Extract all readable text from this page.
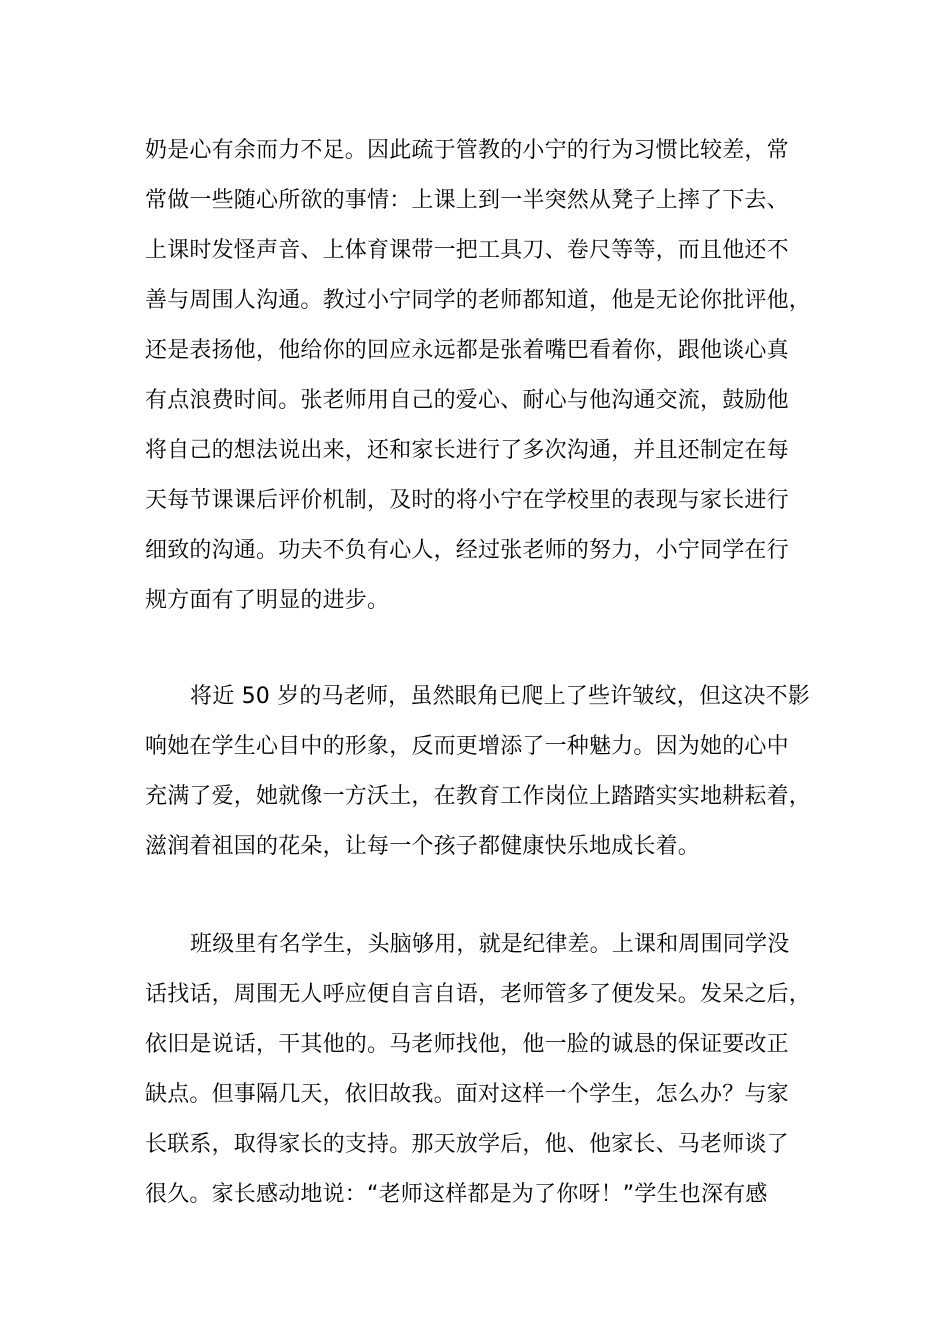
奶是心有余而力不足。因此疏于管教的小宁的行为习惯比较差，常
常做一些随心所欲的事情：上课上到一半突然从凳子上摔了下去、
上课时发怪声音、上体育课带一把工具刀、卷尺等等，而且他还不
善与周围人沟通。教过小宁同学的老师都知道，他是无论你批评他，
还是表扬他，他给你的回应永远都是张着嘴巴看着你，跟他谈心真
有点浪费时间。张老师用自己的爱心、耐心与他沟通交流，鼓励他
将自己的想法说出来，还和家长进行了多次沟通，并且还制定在每
天每节课课后评价机制，及时的将小宁在学校里的表现与家长进行
细致的沟通。功夫不负有心人，经过张老师的努力，小宁同学在行
规方面有了明显的进步。
将近 50 岁的马老师，虽然眼角已爬上了些许皱纹，但这决不影
响她在学生心目中的形象，反而更增添了一种魅力。因为她的心中
充满了爱，她就像一方沃土，在教育工作岗位上踏踏实实地耕耘着，
滋润着祖国的花朵，让每一个孩子都健康快乐地成长着。
班级里有名学生，头脑够用，就是纪律差。上课和周围同学没
话找话，周围无人呼应便自言自语，老师管多了便发呆。发呆之后，
依旧是说话，干其他的。马老师找他，他一脸的诚恳的保证要改正
缺点。但事隔几天，依旧故我。面对这样一个学生，怎么办？与家
长联系，取得家长的支持。那天放学后，他、他家长、马老师谈了
很久。家长感动地说：“老师这样都是为了你呀！”学生也深有感
